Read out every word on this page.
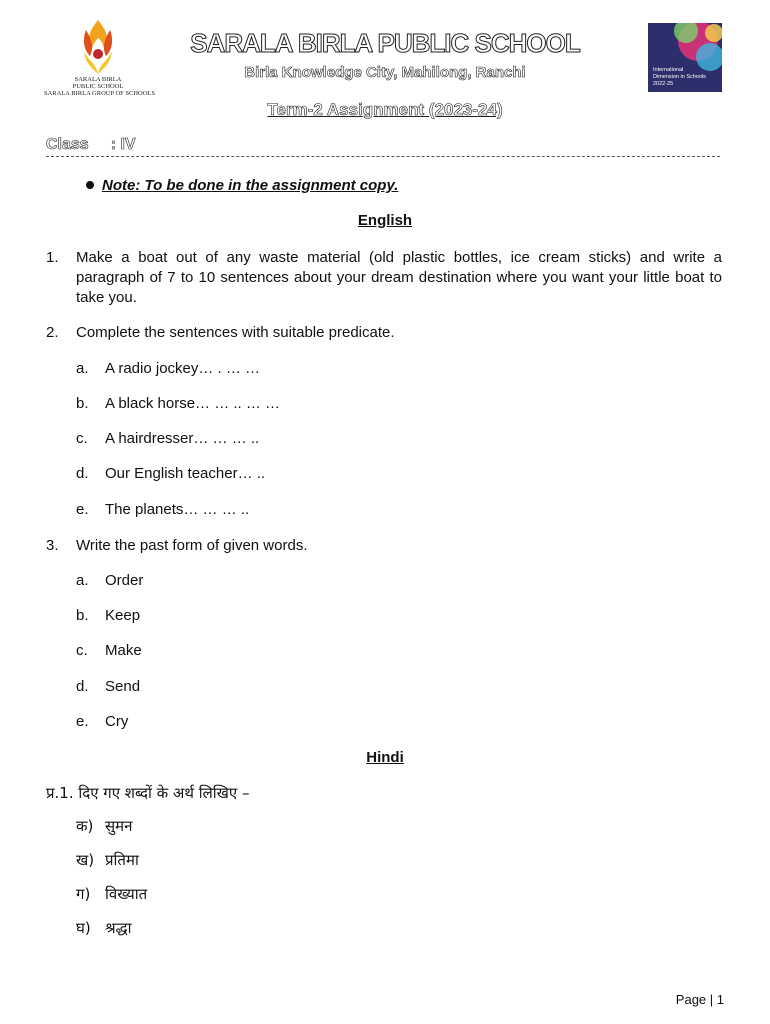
SARALA BIRLA
PUBLIC SCHOOL
SARALA BIRLA GROUP OF SCHOOLS
International
Dimension in Schools
2022-25
SARALA BIRLA PUBLIC SCHOOL
Birla Knowledge City, Mahilong, Ranchi
Term-2 Assignment (2023-24)
Class : IV
Note: To be done in the assignment copy.
English
1. Make a boat out of any waste material (old plastic bottles, ice cream sticks) and write a paragraph of 7 to 10 sentences about your dream destination where you want your little boat to take you.
2. Complete the sentences with suitable predicate.
a. A radio jockey… . … …
b. A black horse… … .. … …
c. A hairdresser… … … ..
d. Our English teacher… ..
e. The planets… … … ..
3. Write the past form of given words.
a. Order
b. Keep
c. Make
d. Send
e. Cry
Hindi
प्र.1. दिए गए शब्दों के अर्थ लिखिए –
क) सुमन
ख) प्रतिमा
ग) विख्यात
घ) श्रद्धा
Page | 1
